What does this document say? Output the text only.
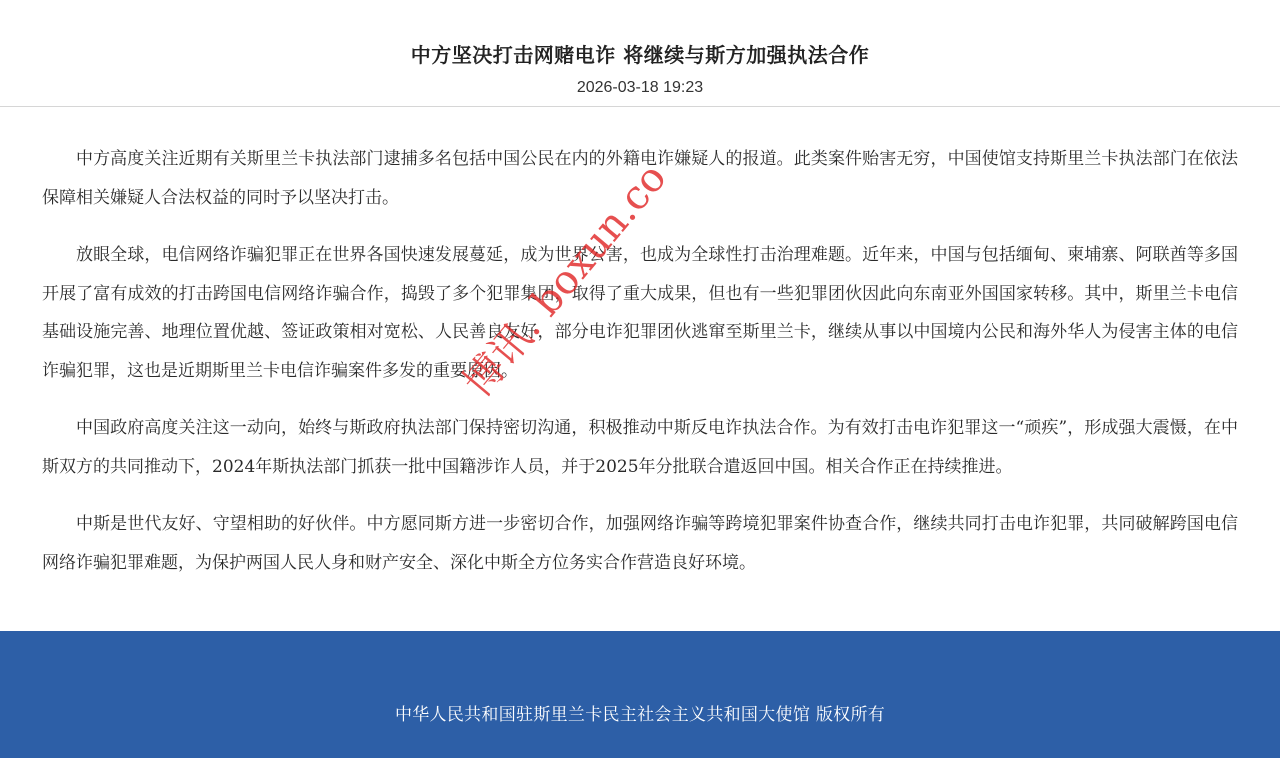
中方坚决打击网赌电诈 将继续与斯方加强执法合作
2026-03-18 19:23

中方高度关注近期有关斯里兰卡执法部门逮捕多名包括中国公民在内的外籍电诈嫌疑人的报道。此类案件贻害无穷，中国使馆支持斯里兰卡执法部门在依法保障相关嫌疑人合法权益的同时予以坚决打击。

放眼全球，电信网络诈骗犯罪正在世界各国快速发展蔓延，成为世界公害，也成为全球性打击治理难题。近年来，中国与包括缅甸、柬埔寨、阿联酋等多国开展了富有成效的打击跨国电信网络诈骗合作，捣毁了多个犯罪集团，取得了重大成果，但也有一些犯罪团伙因此向东南亚外国国家转移。其中，斯里兰卡电信基础设施完善、地理位置优越、签证政策相对宽松、人民善良友好，部分电诈犯罪团伙逃窜至斯里兰卡，继续从事以中国境内公民和海外华人为侵害主体的电信诈骗犯罪，这也是近期斯里兰卡电信诈骗案件多发的重要原因。

中国政府高度关注这一动向，始终与斯政府执法部门保持密切沟通，积极推动中斯反电诈执法合作。为有效打击电诈犯罪这一“顽疾”，形成强大震慑，在中斯双方的共同推动下，2024年斯执法部门抓获一批中国籍涉诈人员，并于2025年分批联合遣返回中国。相关合作正在持续推进。

中斯是世代友好、守望相助的好伙伴。中方愿同斯方进一步密切合作，加强网络诈骗等跨境犯罪案件协查合作，继续共同打击电诈犯罪，共同破解跨国电信网络诈骗犯罪难题，为保护两国人民人身和财产安全、深化中斯全方位务实合作营造良好环境。

博讯. boxun.co
中华人民共和国驻斯里兰卡民主社会主义共和国大使馆 版权所有
